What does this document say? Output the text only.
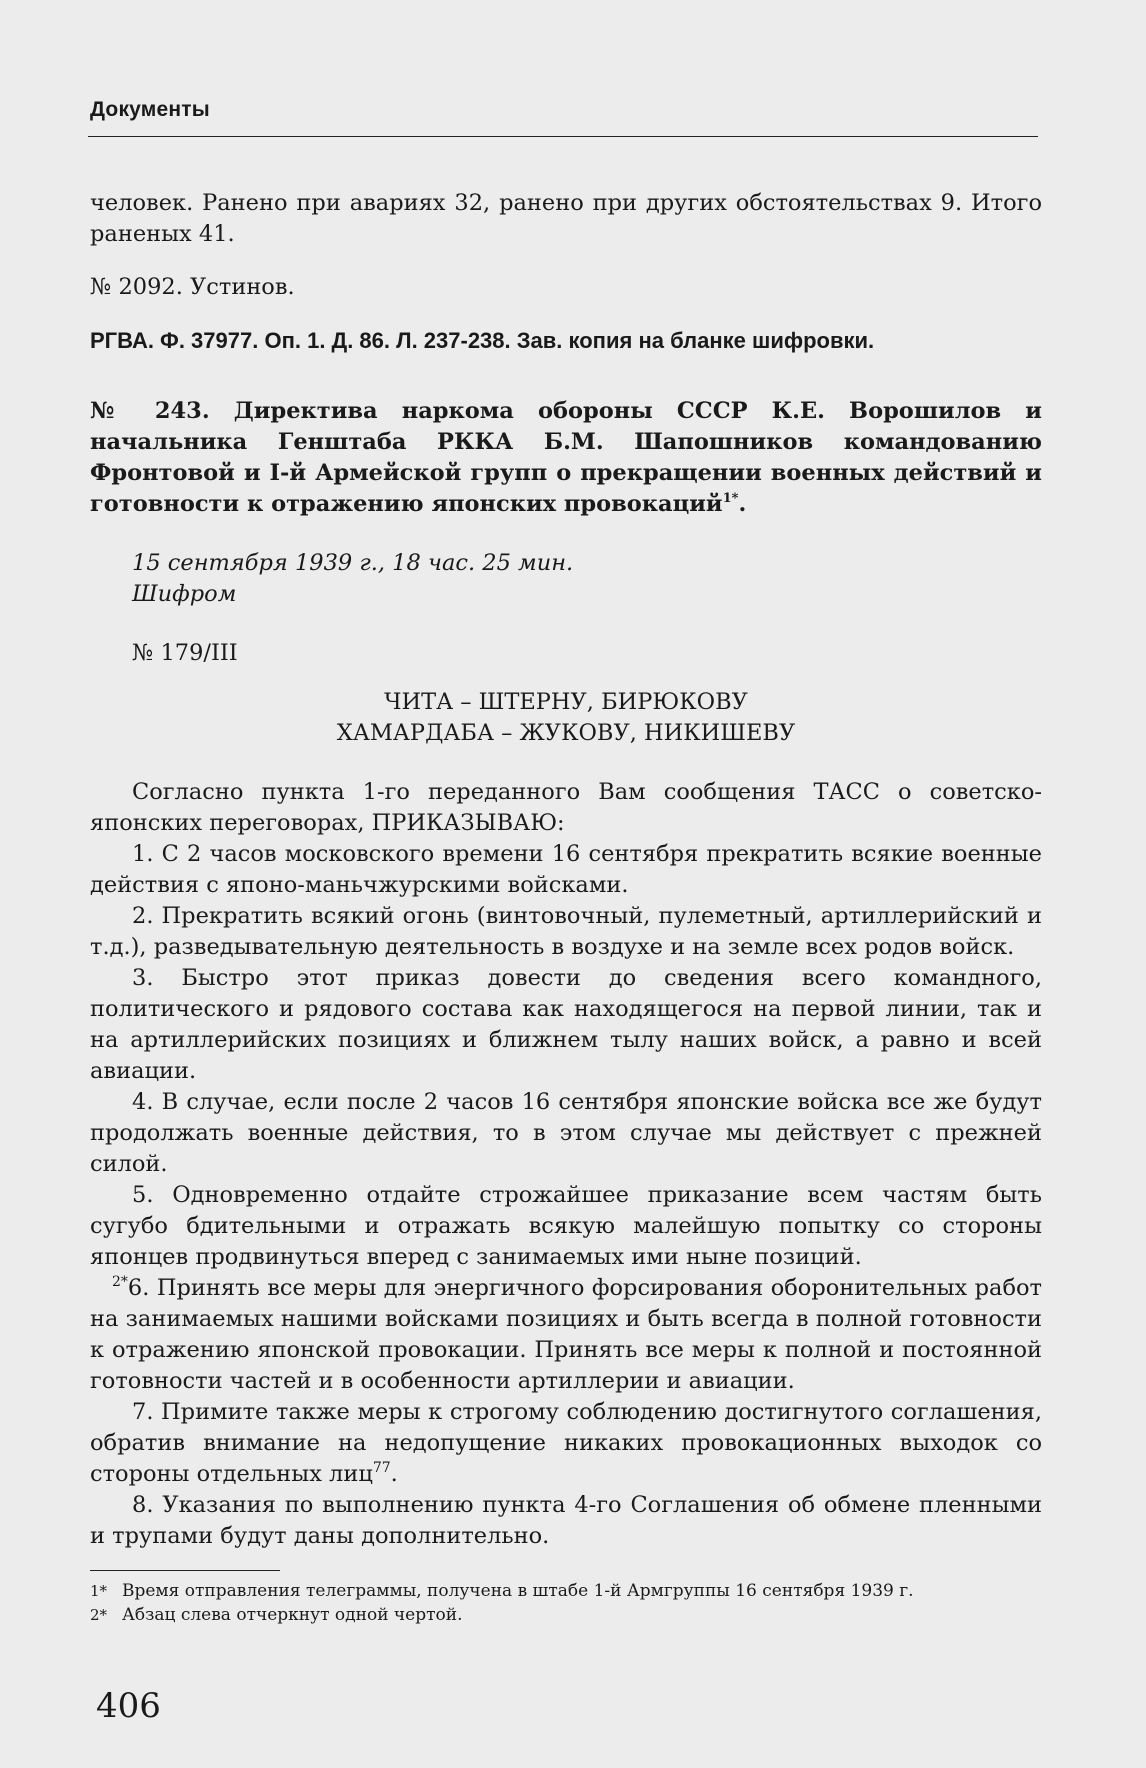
Документы

человек. Ранено при авариях 32, ранено при других обстоятельствах 9. Итого раненых 41.

№ 2092. Устинов.

РГВА. Ф. 37977. Оп. 1. Д. 86. Л. 237-238. Зав. копия на бланке шифровки.

№ 243. Директива наркома обороны СССР К.Е. Ворошилов и начальника Генштаба РККА Б.М. Шапошников командованию Фронтовой и I-й Армейской групп о прекращении военных действий и готовности к отражению японских провокаций$^{1*}$.

15 сентября 1939 г., 18 час. 25 мин.

Шифром

№ 179/III

ЧИТА – ШТЕРНУ, БИРЮКОВУ

ХАМАРДАБА – ЖУКОВУ, НИКИШЕВУ

Согласно пункта 1-го переданного Вам сообщения ТАСС о советско-японских переговорах, ПРИКАЗЫВАЮ:

1. С 2 часов московского времени 16 сентября прекратить всякие военные действия с японо-маньчжурскими войсками.

2. Прекратить всякий огонь (винтовочный, пулеметный, артиллерийский и т.д.), разведывательную деятельность в воздухе и на земле всех родов войск.

3. Быстро этот приказ довести до сведения всего командного, политического и рядового состава как находящегося на первой линии, так и на артиллерийских позициях и ближнем тылу наших войск, а равно и всей авиации.

4. В случае, если после 2 часов 16 сентября японские войска все же будут продолжать военные действия, то в этом случае мы действует с прежней силой.

5. Одновременно отдайте строжайшее приказание всем частям быть сугубо бдительными и отражать всякую малейшую попытку со стороны японцев продвинуться вперед с занимаемых ими ныне позиций.

$^{2*}$6. Принять все меры для энергичного форсирования оборонительных работ на занимаемых нашими войсками позициях и быть всегда в полной готовности к отражению японской провокации. Принять все меры к полной и постоянной готовности частей и в особенности артиллерии и авиации.

7. Примите также меры к строгому соблюдению достигнутого соглашения, обратив внимание на недопущение никаких провокационных выходок со стороны отдельных лиц$^{77}$.

8. Указания по выполнению пункта 4-го Соглашения об обмене пленными и трупами будут даны дополнительно.

1* Время отправления телеграммы, получена в штабе 1-й Армгруппы 16 сентября 1939 г.
2* Абзац слева отчеркнут одной чертой.
406
